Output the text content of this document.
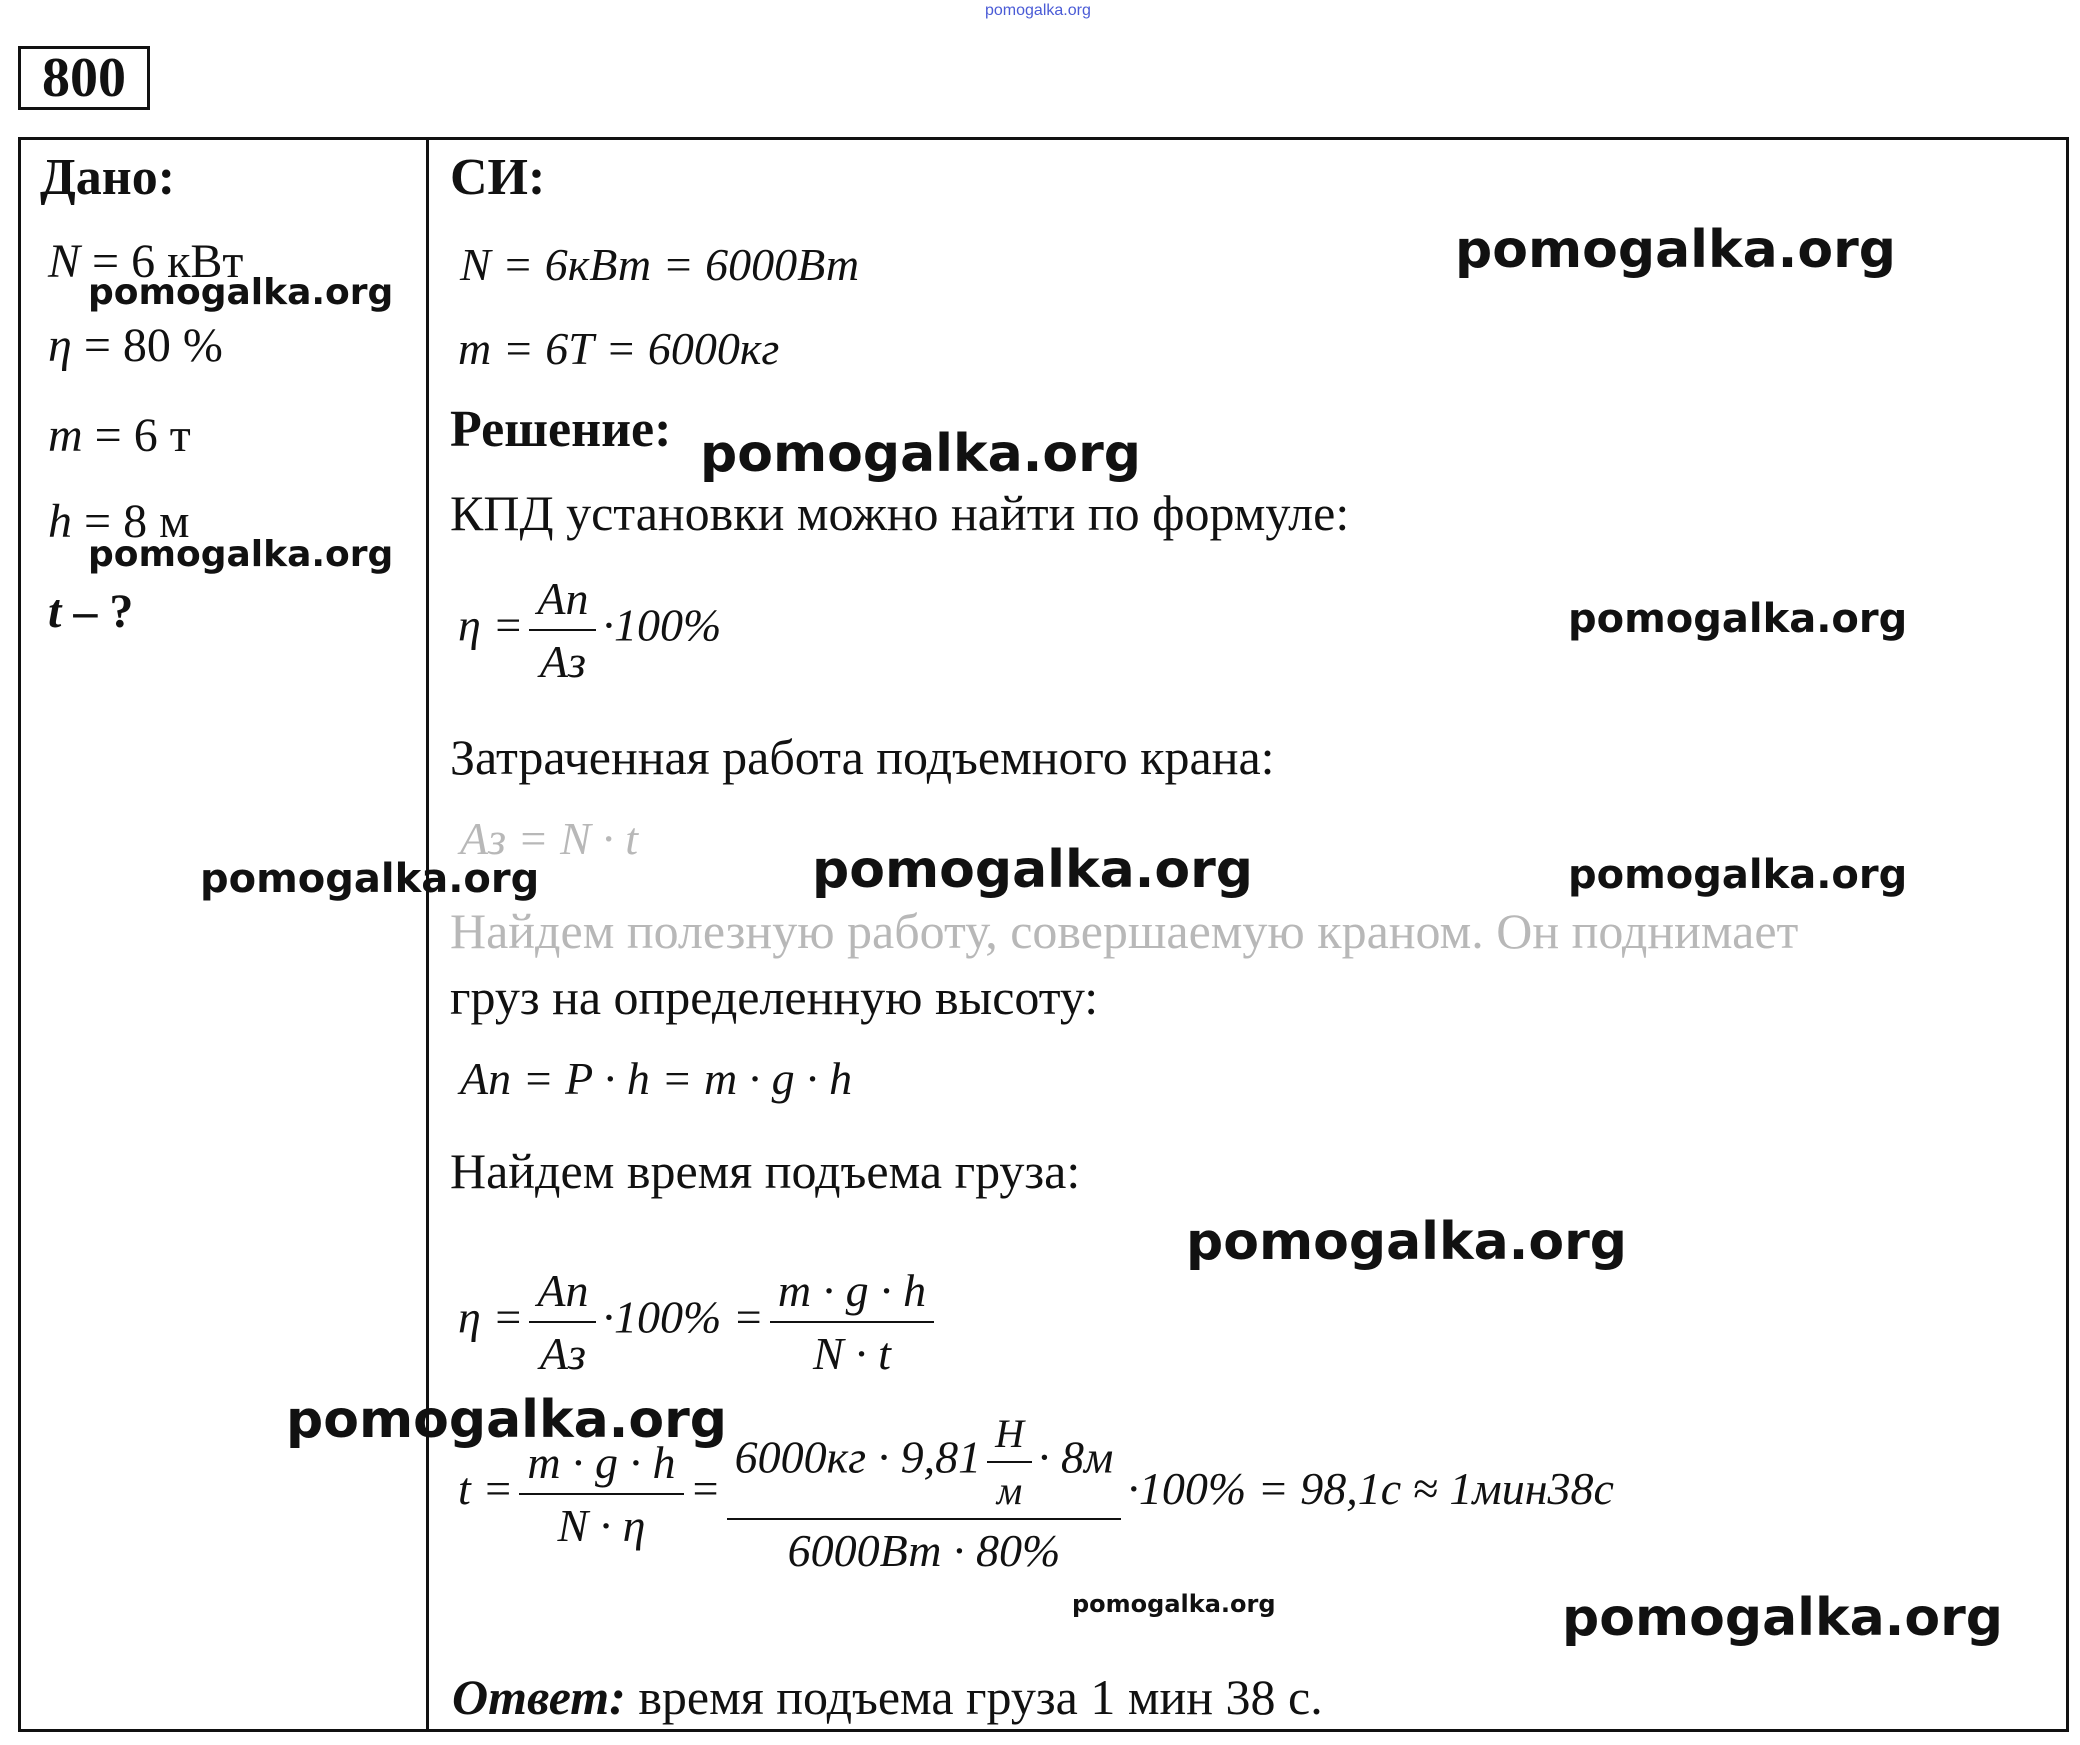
pomogalka.org
800
Дано:
N = 6 кВт
η = 80 %
m = 6 т
h = 8 м
t – ?
СИ:
N = 6кВт = 6000Вт
m = 6Т = 6000кг
Решение:
КПД установки можно найти по формуле:
$\eta = \frac{Aп}{Aз} \cdot 100\%$
Затраченная работа подъемного крана:
Aз = N · t
Найдем полезную работу, совершаемую краном. Он поднимает
груз на определенную высоту:
Aп = P · h = m · g · h
Найдем время подъема груза:
$\eta = \frac{Aп}{Aз} \cdot 100\% = \frac{m \cdot g \cdot h}{N \cdot t}$
$t = \frac{m \cdot g \cdot h}{N \cdot \eta} = \frac{6000кг \cdot 9,81 \frac{Н}{м} \cdot 8м}{6000Вт \cdot 80\%} \cdot 100\% = 98,1с \approx 1мин38с$
Ответ: время подъема груза 1 мин 38 с.
pomogalka.org
pomogalka.org
pomogalka.org
pomogalka.org
pomogalka.org
pomogalka.org	pomogalka.org	pomogalka.org
pomogalka.org
pomogalka.org
pomogalka.org	pomogalka.org
